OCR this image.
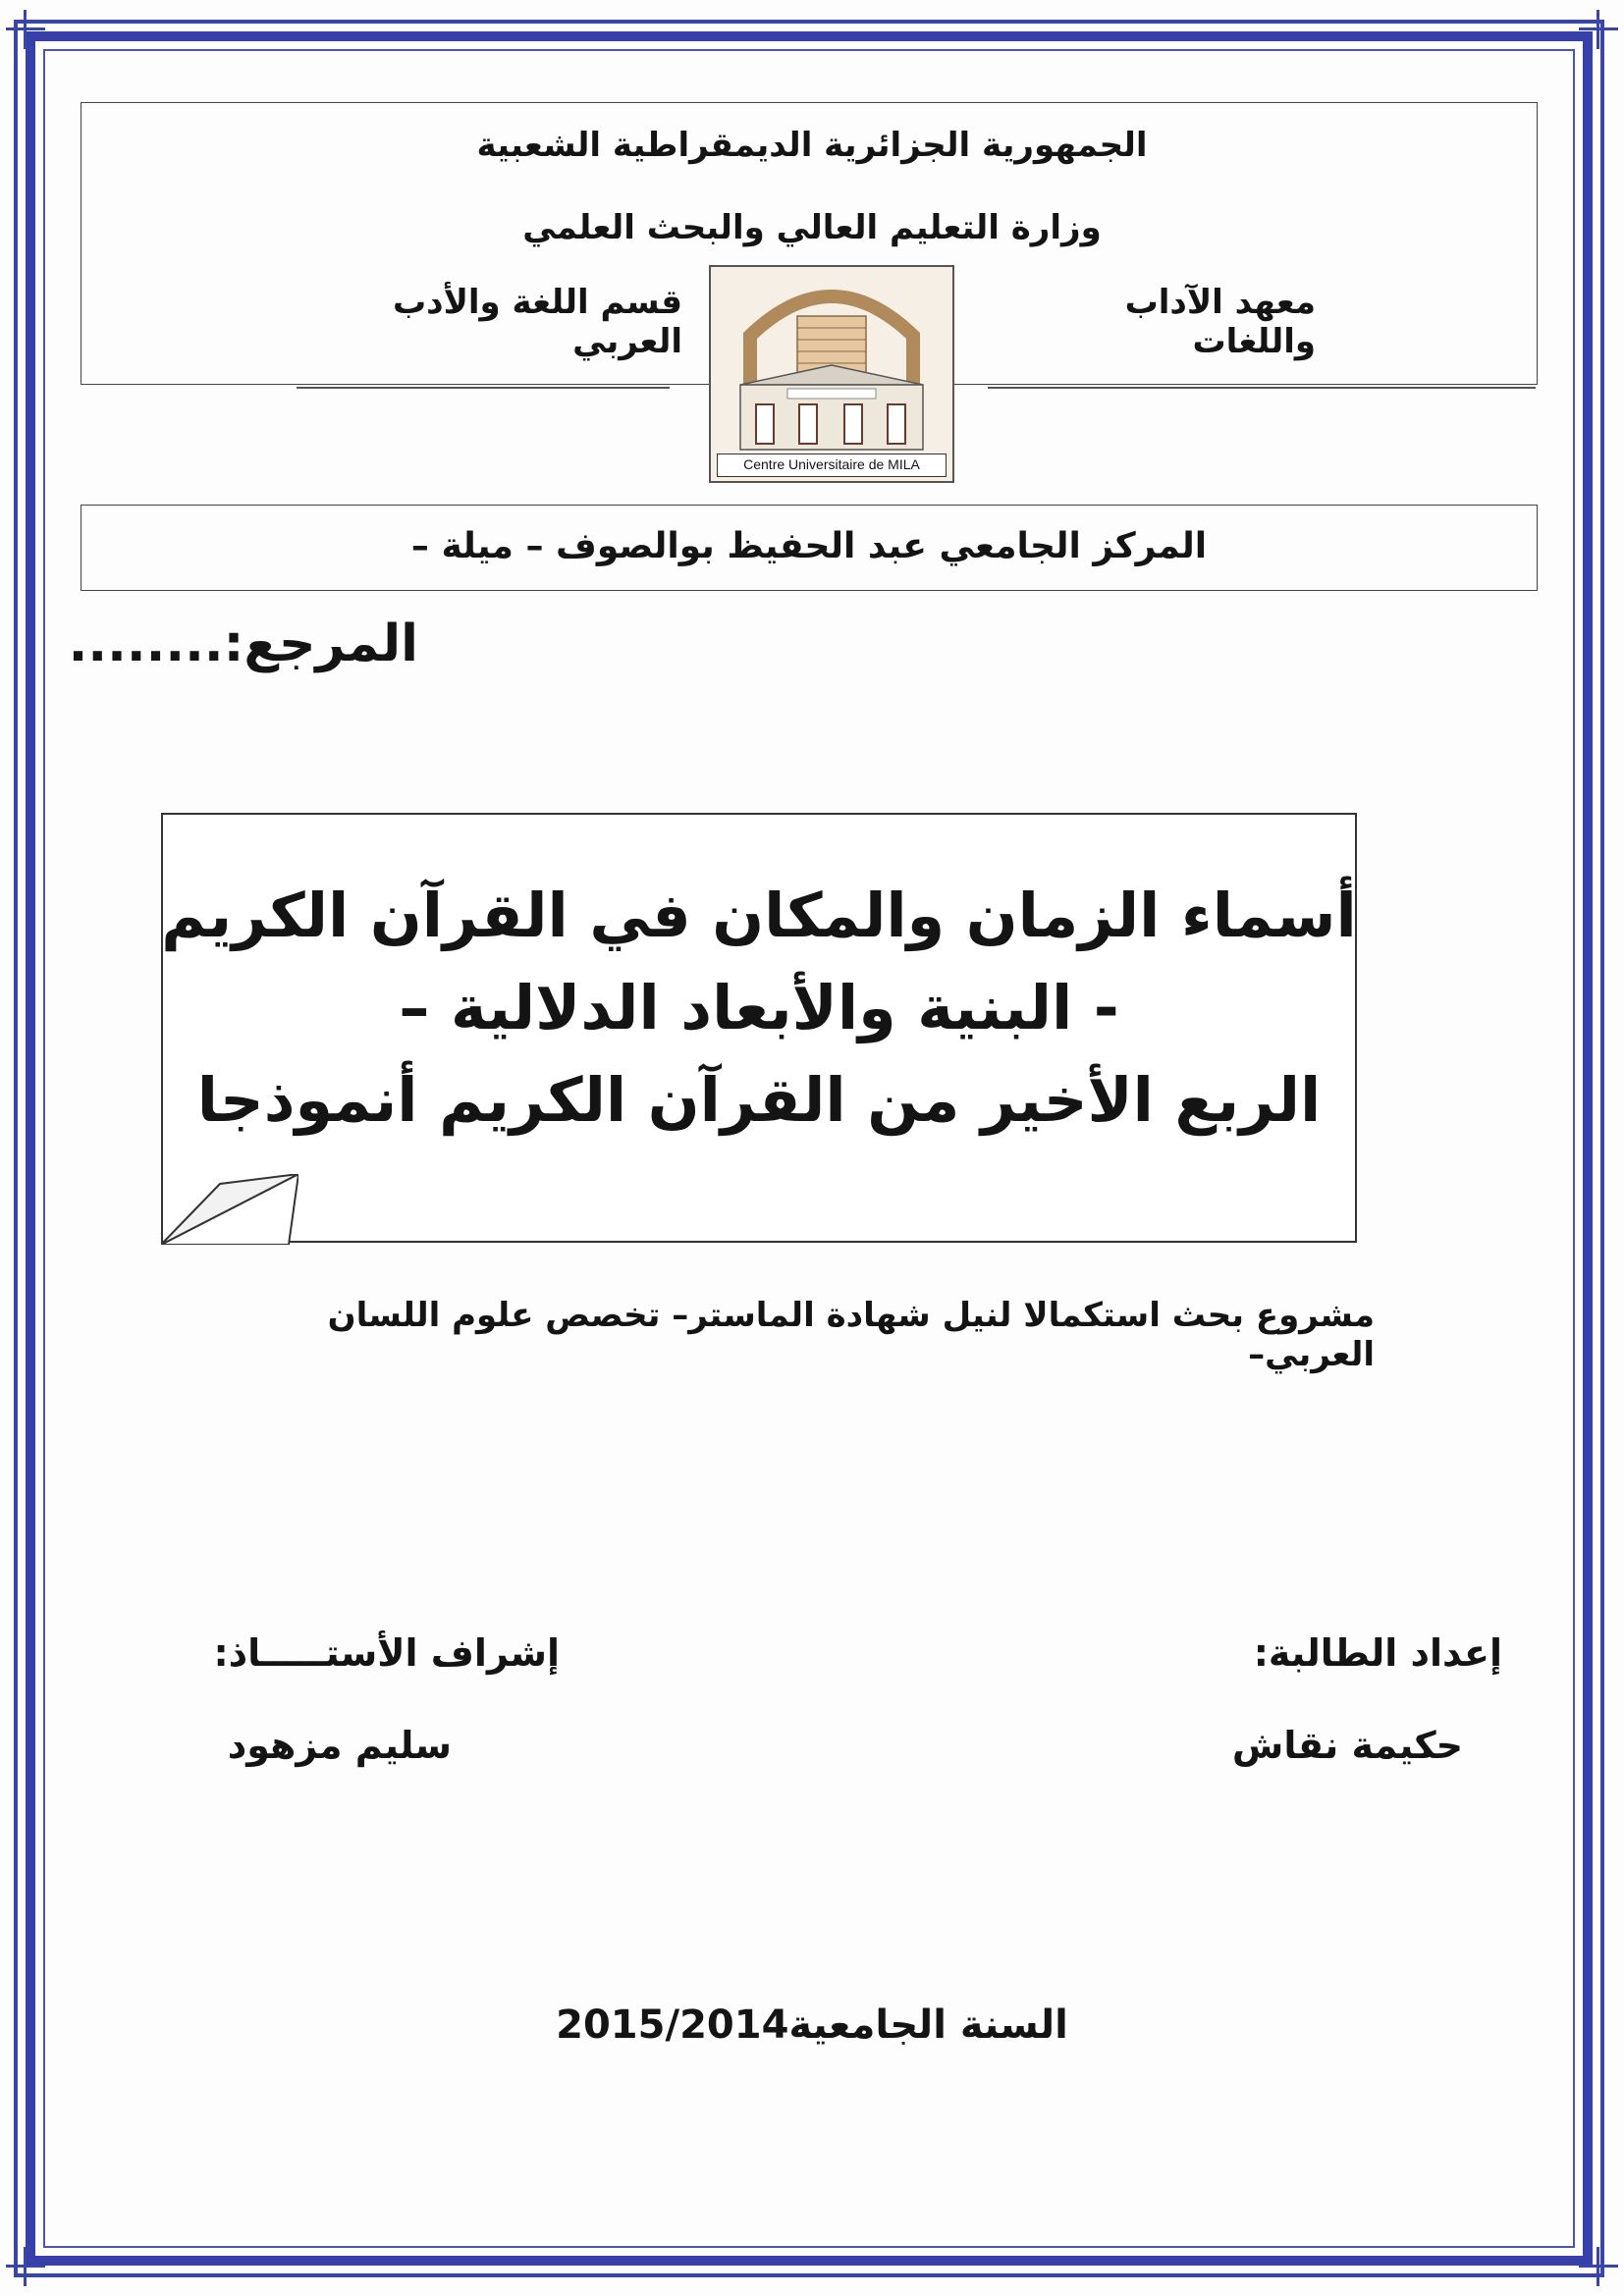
الجمهورية الجزائرية الديمقراطية الشعبية
وزارة التعليم العالي والبحث العلمي
معهد الآداب واللغات
قسم اللغة والأدب العربي
Centre Universitaire de MILA
المركز الجامعي عبد الحفيظ بوالصوف – ميلة –
المرجع:........
أسماء الزمان والمكان في القرآن الكريم
- البنية والأبعاد الدلالية –
الربع الأخير من القرآن الكريم أنموذجا
مشروع بحث استكمالا لنيل شهادة الماستر– تخصص علوم اللسان العربي–
إعداد الطالبة:
حكيمة نقاش
إشراف الأستـــــاذ:
سليم مزهود
السنة الجامعية2015/2014
